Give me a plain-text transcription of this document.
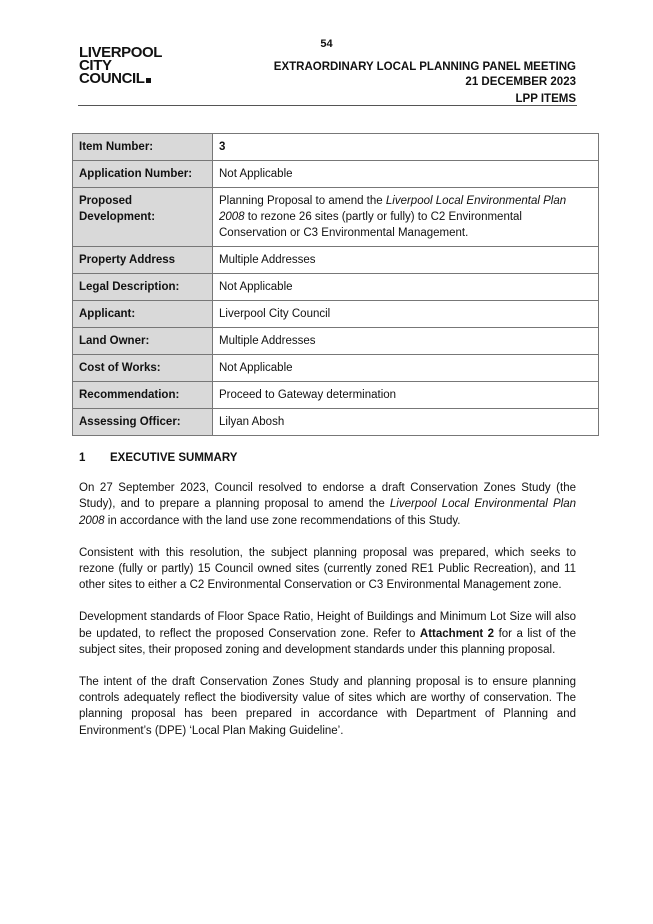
54
LIVERPOOL
CITY
COUNCIL
EXTRAORDINARY LOCAL PLANNING PANEL MEETING
21 DECEMBER 2023
LPP ITEMS
Item Number:	3
Application Number:	Not Applicable
Proposed Development:	Planning Proposal to amend the Liverpool Local Environmental Plan 2008 to rezone 26 sites (partly or fully) to C2 Environmental Conservation or C3 Environmental Management.
Property Address	Multiple Addresses
Legal Description:	Not Applicable
Applicant:	Liverpool City Council
Land Owner:	Multiple Addresses
Cost of Works:	Not Applicable
Recommendation:	Proceed to Gateway determination
Assessing Officer:	Lilyan Abosh
1 EXECUTIVE SUMMARY

On 27 September 2023, Council resolved to endorse a draft Conservation Zones Study (the Study), and to prepare a planning proposal to amend the Liverpool Local Environmental Plan 2008 in accordance with the land use zone recommendations of this Study.

Consistent with this resolution, the subject planning proposal was prepared, which seeks to rezone (fully or partly) 15 Council owned sites (currently zoned RE1 Public Recreation), and 11 other sites to either a C2 Environmental Conservation or C3 Environmental Management zone.

Development standards of Floor Space Ratio, Height of Buildings and Minimum Lot Size will also be updated, to reflect the proposed Conservation zone. Refer to Attachment 2 for a list of the subject sites, their proposed zoning and development standards under this planning proposal.

The intent of the draft Conservation Zones Study and planning proposal is to ensure planning controls adequately reflect the biodiversity value of sites which are worthy of conservation. The planning proposal has been prepared in accordance with Department of Planning and Environment’s (DPE) ‘Local Plan Making Guideline’.
